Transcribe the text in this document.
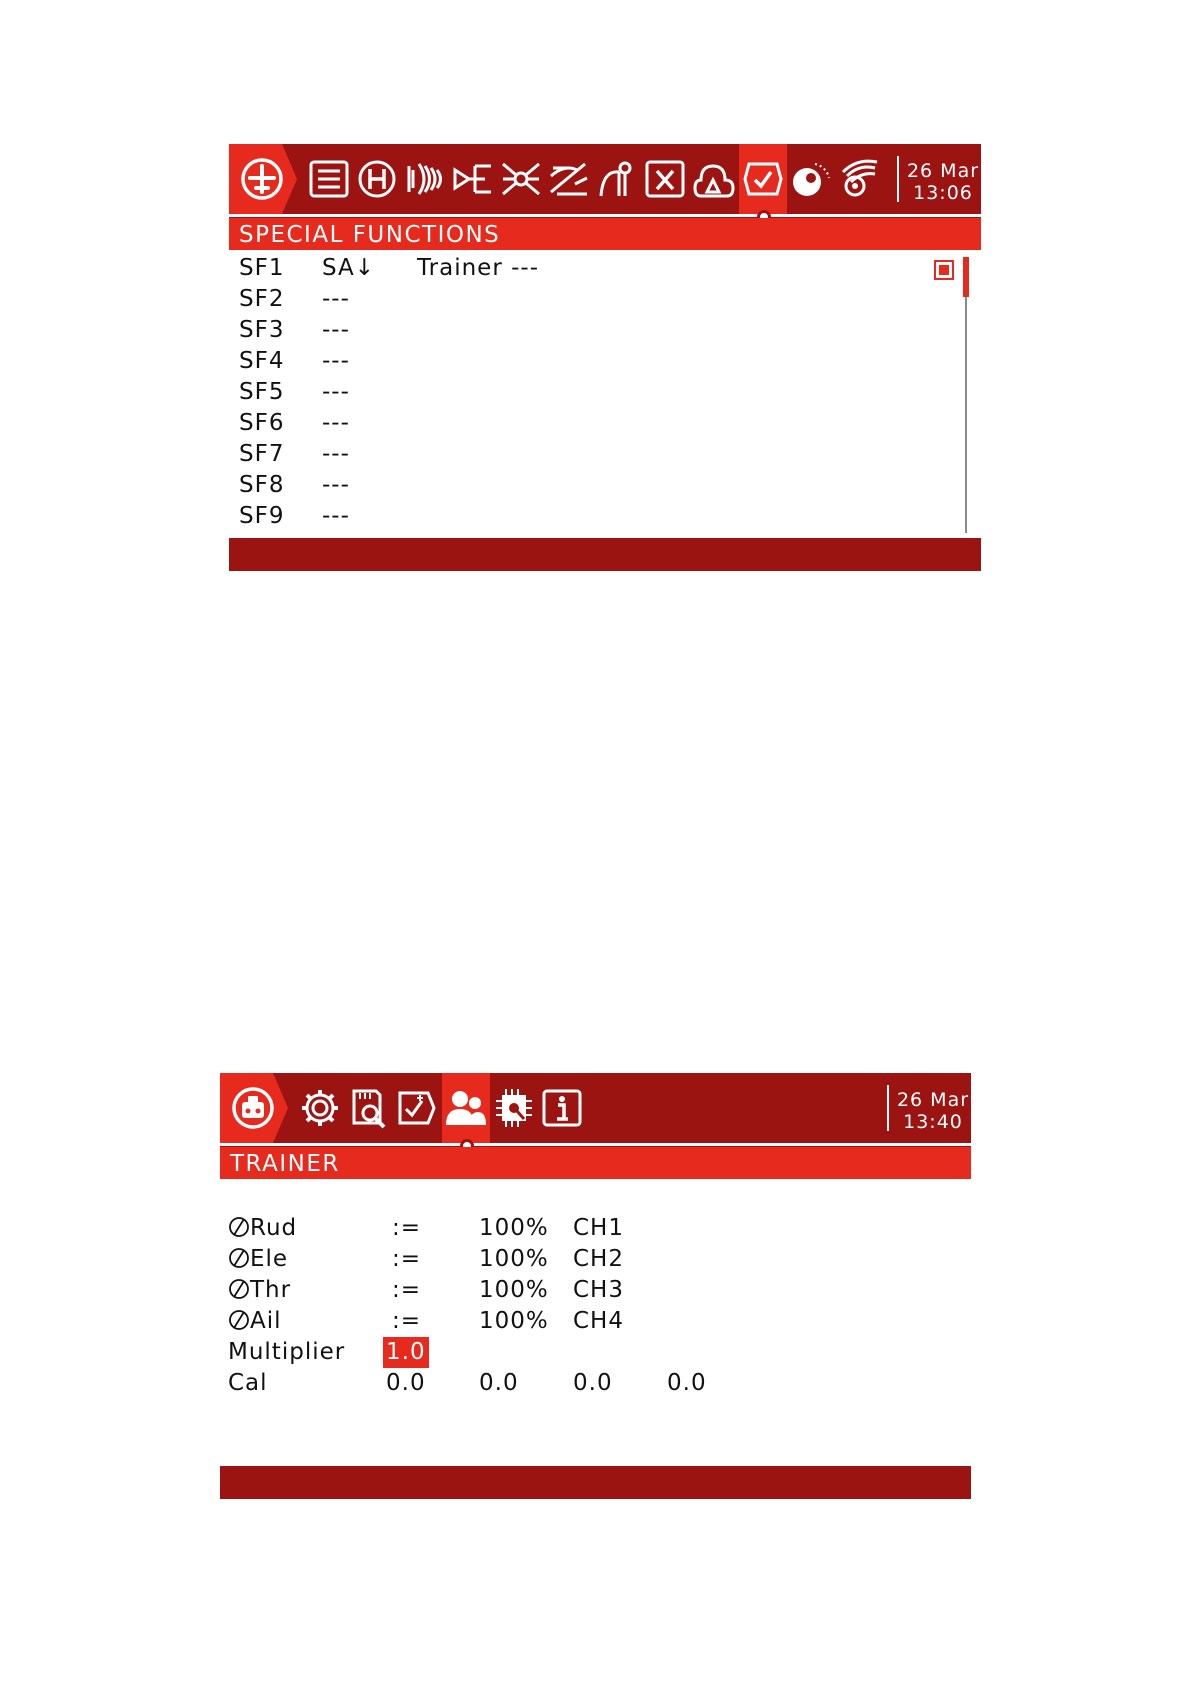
26 Mar
13:06
SPECIAL FUNCTIONS
SF1 SA↓ Trainer ---
SF2 ---
SF3 ---
SF4 ---
SF5 ---
SF6 ---
SF7 ---
SF8 ---
SF9 ---
26 Mar
13:40
TRAINER
Rud	:=	100% CH1
Ele	:=	100% CH2
Thr	:=	100% CH3
Ail	:=	100% CH4
Multiplier 1.0
Cal	0.0 0.0 0.0 0.0
